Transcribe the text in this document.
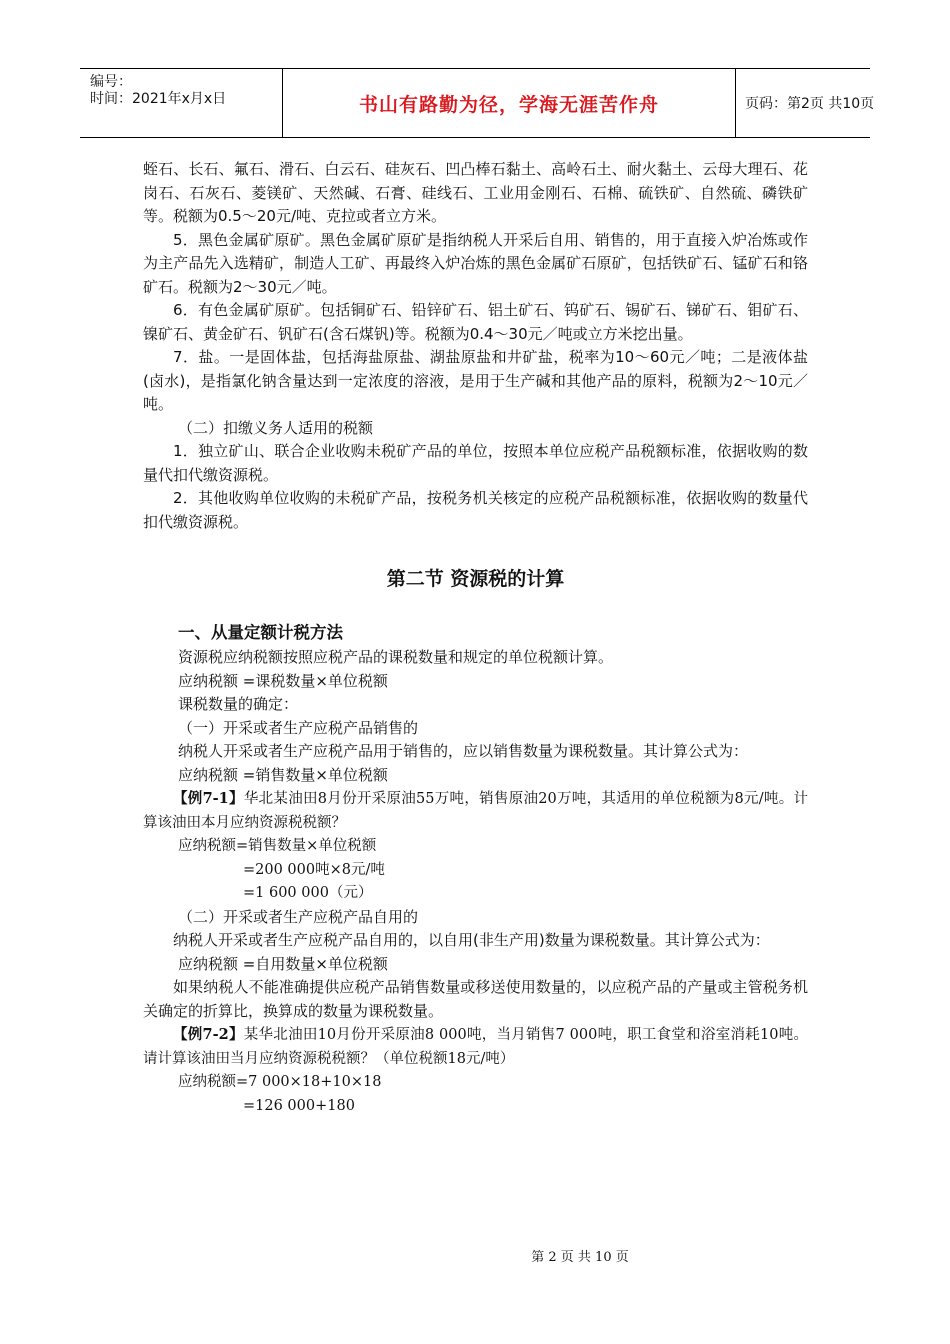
编号：
时间：2021年x月x日	书山有路勤为径，学海无涯苦作舟	页码：第2页 共10页

蛭石、长石、氟石、滑石、白云石、硅灰石、凹凸棒石黏土、高岭石土、耐火黏土、云母大理石、花岗石、石灰石、菱镁矿、天然碱、石膏、硅线石、工业用金刚石、石棉、硫铁矿、自然硫、磷铁矿等。税额为0.5～20元/吨、克拉或者立方米。

5．黑色金属矿原矿。黑色金属矿原矿是指纳税人开采后自用、销售的，用于直接入炉冶炼或作为主产品先入选精矿，制造人工矿、再最终入炉冶炼的黑色金属矿石原矿，包括铁矿石、锰矿石和铬矿石。税额为2～30元／吨。

6．有色金属矿原矿。包括铜矿石、铅锌矿石、铝土矿石、钨矿石、锡矿石、锑矿石、钼矿石、镍矿石、黄金矿石、钒矿石(含石煤钒)等。税额为0.4～30元／吨或立方米挖出量。

7．盐。一是固体盐，包括海盐原盐、湖盐原盐和井矿盐，税率为10～60元／吨；二是液体盐(卤水)，是指氯化钠含量达到一定浓度的溶液，是用于生产碱和其他产品的原料，税额为2～10元／吨。

（二）扣缴义务人适用的税额

1．独立矿山、联合企业收购未税矿产品的单位，按照本单位应税产品税额标准，依据收购的数量代扣代缴资源税。

2．其他收购单位收购的未税矿产品，按税务机关核定的应税产品税额标准，依据收购的数量代扣代缴资源税。

第二节 资源税的计算

一、从量定额计税方法

资源税应纳税额按照应税产品的课税数量和规定的单位税额计算。

应纳税额 =课税数量×单位税额

课税数量的确定：

（一）开采或者生产应税产品销售的

纳税人开采或者生产应税产品用于销售的，应以销售数量为课税数量。其计算公式为：

应纳税额 =销售数量×单位税额

【例7-1】华北某油田8月份开采原油55万吨，销售原油20万吨，其适用的单位税额为8元/吨。计算该油田本月应纳资源税税额？

应纳税额=销售数量×单位税额

=200 000吨×8元/吨

=1 600 000（元）

（二）开采或者生产应税产品自用的

纳税人开采或者生产应税产品自用的，以自用(非生产用)数量为课税数量。其计算公式为：

应纳税额 =自用数量×单位税额

如果纳税人不能准确提供应税产品销售数量或移送使用数量的，以应税产品的产量或主管税务机关确定的折算比，换算成的数量为课税数量。

【例7-2】某华北油田10月份开采原油8 000吨，当月销售7 000吨，职工食堂和浴室消耗10吨。请计算该油田当月应纳资源税税额？（单位税额18元/吨）

应纳税额=7 000×18+10×18

=126 000+180

第 2 页 共 10 页
